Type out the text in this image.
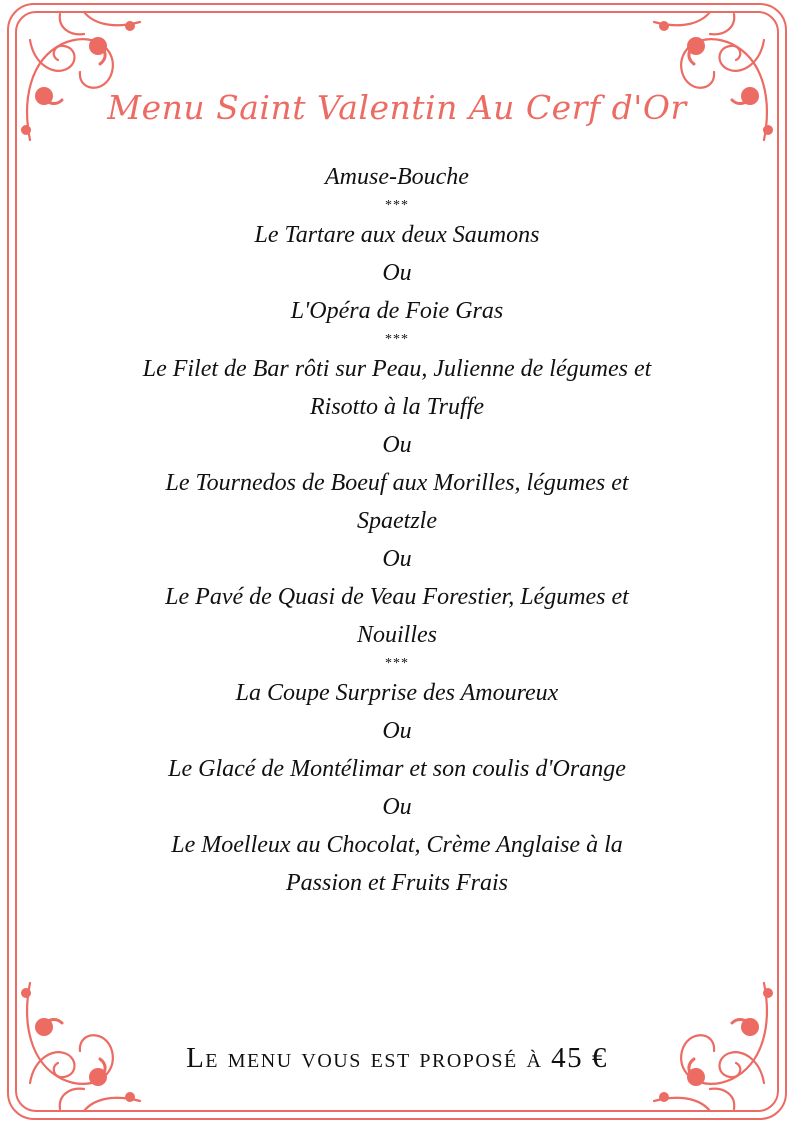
Menu Saint Valentin Au Cerf d'Or
Amuse-Bouche
***
Le Tartare aux deux Saumons
Ou
L'Opéra de Foie Gras
***
Le Filet de Bar rôti sur Peau, Julienne de légumes et
Risotto à la Truffe
Ou
Le Tournedos de Boeuf aux Morilles, légumes et
Spaetzle
Ou
Le Pavé de Quasi de Veau Forestier, Légumes et
Nouilles
***
La Coupe Surprise des Amoureux
Ou
Le Glacé de Montélimar et son coulis d'Orange
Ou
Le Moelleux au Chocolat, Crème Anglaise à la
Passion et Fruits Frais
Le menu vous est proposé à 45 €
